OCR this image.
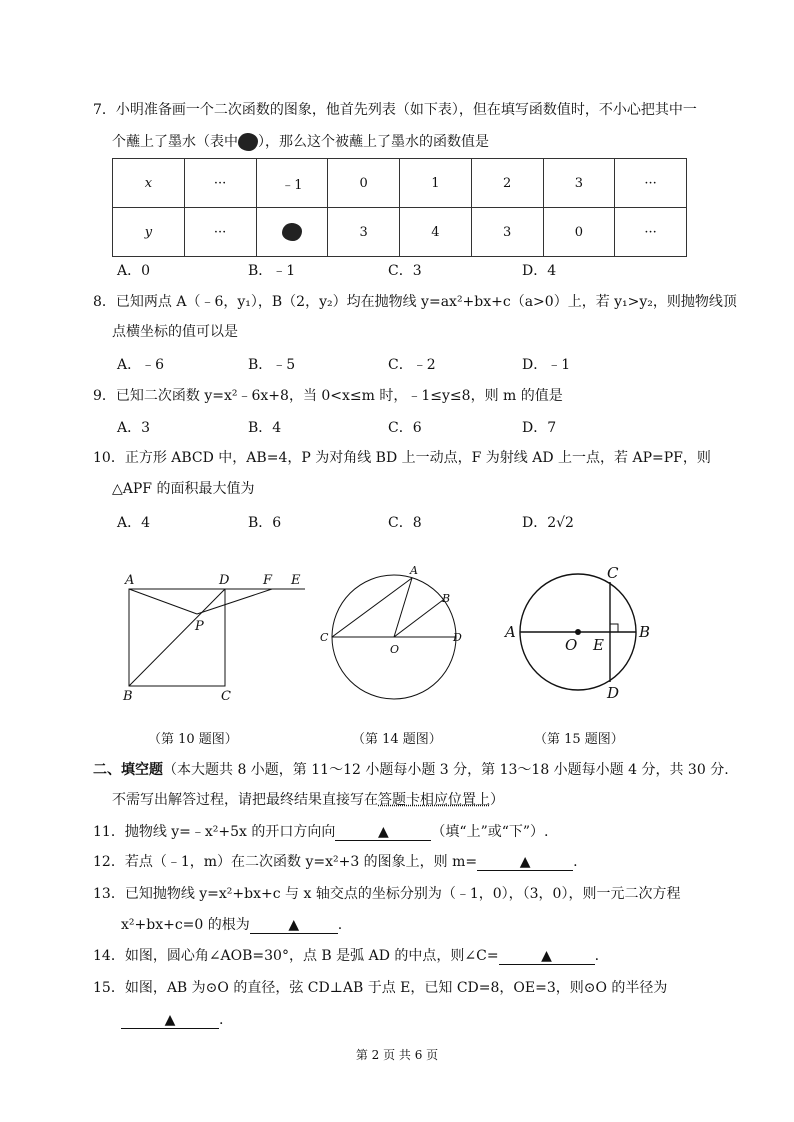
7．小明准备画一个二次函数的图象，他首先列表（如下表），但在填写函数值时，不小心把其中一
个蘸上了墨水（表中 ），那么这个被蘸上了墨水的函数值是
x	···	﹣1	0	1	2	3	···
y	···		3	4	3	0	···
A．0	B．﹣1	C．3	D．4
8．已知两点 A（﹣6，y₁），B（2，y₂）均在抛物线 y=ax²+bx+c（a>0）上，若 y₁>y₂，则抛物线顶
点横坐标的值可以是
A．﹣6	B．﹣5	C．﹣2	D．﹣1
9．已知二次函数 y=x²﹣6x+8，当 0<x≤m 时，﹣1≤y≤8，则 m 的值是
A．3	B．4	C．6	D．7
10．正方形 ABCD 中，AB=4，P 为对角线 BD 上一动点，F 为射线 AD 上一点，若 AP=PF，则
△APF 的面积最大值为
A．4	B．6	C．8	D．2√2
A	D	F E
P
B	C
A
B
C
O
D
C
A
O E
B
D
（第 10 题图）	（第 14 题图）	（第 15 题图）
二、填空题（本大题共 8 小题，第 11～12 小题每小题 3 分，第 13～18 小题每小题 4 分，共 30 分.
不需写出解答过程，请把最终结果直接写在答题卡相应位置上）
11．抛物线 y=﹣x²+5x 的开口方向向	▲	（填“上”或“下”）.
12．若点（﹣1，m）在二次函数 y=x²+3 的图象上，则 m=	▲	.
13．已知抛物线 y=x²+bx+c 与 x 轴交点的坐标分别为（﹣1，0），（3，0），则一元二次方程
x²+bx+c=0 的根为	▲	.
14．如图，圆心角∠AOB=30°，点 B 是弧 AD 的中点，则∠C=	▲	.
15．如图，AB 为⊙O 的直径，弦 CD⊥AB 于点 E，已知 CD=8，OE=3，则⊙O 的半径为
▲	.
第 2 页 共 6 页
